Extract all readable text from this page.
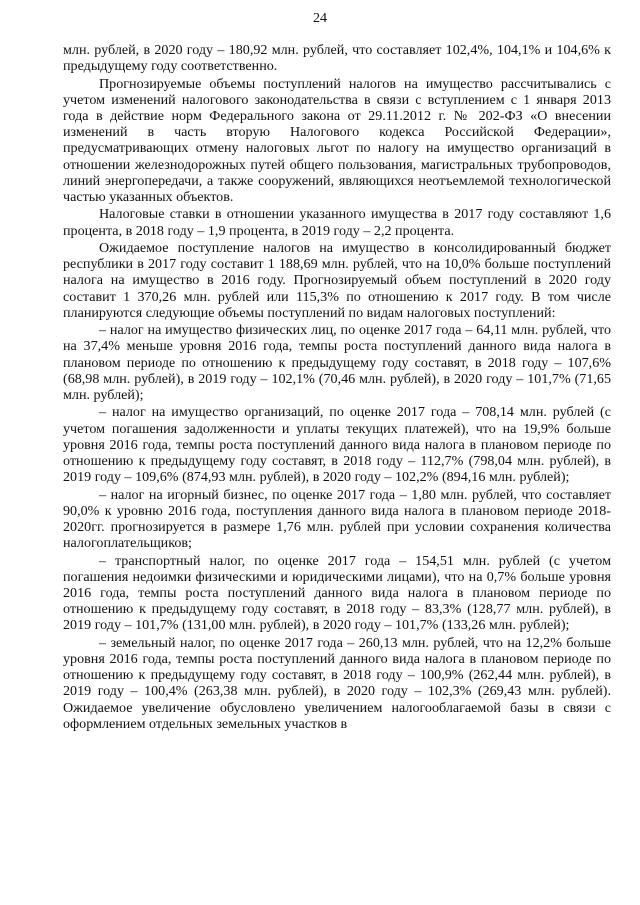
24

млн. рублей, в 2020 году – 180,92 млн. рублей, что составляет 102,4%, 104,1% и 104,6% к предыдущему году соответственно.

Прогнозируемые объемы поступлений налогов на имущество рассчитывались с учетом изменений налогового законодательства в связи с вступлением с 1 января 2013 года в действие норм Федерального закона от 29.11.2012 г. № 202-ФЗ «О внесении изменений в часть вторую Налогового кодекса Российской Федерации», предусматривающих отмену налоговых льгот по налогу на имущество организаций в отношении железнодорожных путей общего пользования, магистральных трубопроводов, линий энергопередачи, а также сооружений, являющихся неотъемлемой технологической частью указанных объектов.

Налоговые ставки в отношении указанного имущества в 2017 году составляют 1,6 процента, в 2018 году – 1,9 процента, в 2019 году – 2,2 процента.

Ожидаемое поступление налогов на имущество в консолидированный бюджет республики в 2017 году составит 1 188,69 млн. рублей, что на 10,0% больше поступлений налога на имущество в 2016 году. Прогнозируемый объем поступлений в 2020 году составит 1 370,26 млн. рублей или 115,3% по отношению к 2017 году. В том числе планируются следующие объемы поступлений по видам налоговых поступлений:

– налог на имущество физических лиц, по оценке 2017 года – 64,11 млн. рублей, что на 37,4% меньше уровня 2016 года, темпы роста поступлений данного вида налога в плановом периоде по отношению к предыдущему году составят, в 2018 году – 107,6% (68,98 млн. рублей), в 2019 году – 102,1% (70,46 млн. рублей), в 2020 году – 101,7% (71,65 млн. рублей);

– налог на имущество организаций, по оценке 2017 года – 708,14 млн. рублей (с учетом погашения задолженности и уплаты текущих платежей), что на 19,9% больше уровня 2016 года, темпы роста поступлений данного вида налога в плановом периоде по отношению к предыдущему году составят, в 2018 году – 112,7% (798,04 млн. рублей), в 2019 году – 109,6% (874,93 млн. рублей), в 2020 году – 102,2% (894,16 млн. рублей);

– налог на игорный бизнес, по оценке 2017 года – 1,80 млн. рублей, что составляет 90,0% к уровню 2016 года, поступления данного вида налога в плановом периоде 2018-2020гг. прогнозируется в размере 1,76 млн. рублей при условии сохранения количества налогоплательщиков;

– транспортный налог, по оценке 2017 года – 154,51 млн. рублей (с учетом погашения недоимки физическими и юридическими лицами), что на 0,7% больше уровня 2016 года, темпы роста поступлений данного вида налога в плановом периоде по отношению к предыдущему году составят, в 2018 году – 83,3% (128,77 млн. рублей), в 2019 году – 101,7% (131,00 млн. рублей), в 2020 году – 101,7% (133,26 млн. рублей);

– земельный налог, по оценке 2017 года – 260,13 млн. рублей, что на 12,2% больше уровня 2016 года, темпы роста поступлений данного вида налога в плановом периоде по отношению к предыдущему году составят, в 2018 году – 100,9% (262,44 млн. рублей), в 2019 году – 100,4% (263,38 млн. рублей), в 2020 году – 102,3% (269,43 млн. рублей). Ожидаемое увеличение обусловлено увеличением налогооблагаемой базы в связи с оформлением отдельных земельных участков в
